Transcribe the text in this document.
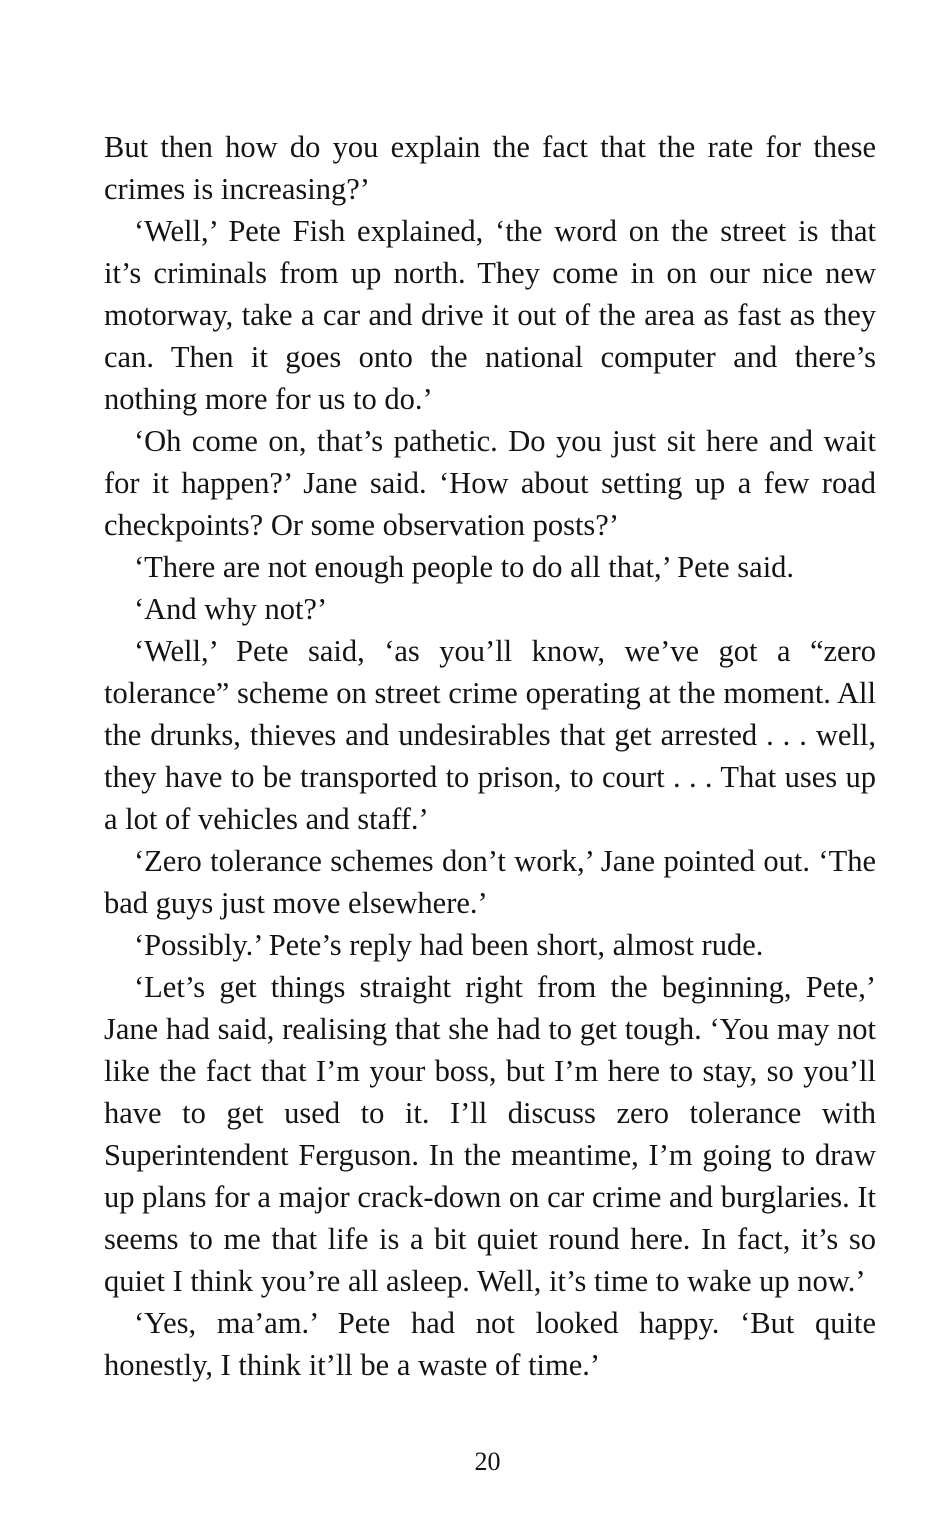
But then how do you explain the fact that the rate for these crimes is increasing?’

‘Well,’ Pete Fish explained, ‘the word on the street is that it’s criminals from up north. They come in on our nice new motorway, take a car and drive it out of the area as fast as they can. Then it goes onto the national computer and there’s nothing more for us to do.’

‘Oh come on, that’s pathetic. Do you just sit here and wait for it happen?’ Jane said. ‘How about setting up a few road checkpoints? Or some observation posts?’

‘There are not enough people to do all that,’ Pete said.

‘And why not?’

‘Well,’ Pete said, ‘as you’ll know, we’ve got a “zero tolerance” scheme on street crime operating at the moment. All the drunks, thieves and undesirables that get arrested . . . well, they have to be transported to prison, to court . . . That uses up a lot of vehicles and staff.’

‘Zero tolerance schemes don’t work,’ Jane pointed out. ‘The bad guys just move elsewhere.’

‘Possibly.’ Pete’s reply had been short, almost rude.

‘Let’s get things straight right from the beginning, Pete,’ Jane had said, realising that she had to get tough. ‘You may not like the fact that I’m your boss, but I’m here to stay, so you’ll have to get used to it. I’ll discuss zero tolerance with Superintendent Ferguson. In the meantime, I’m going to draw up plans for a major crack-down on car crime and burglaries. It seems to me that life is a bit quiet round here. In fact, it’s so quiet I think you’re all asleep. Well, it’s time to wake up now.’

‘Yes, ma’am.’ Pete had not looked happy. ‘But quite honestly, I think it’ll be a waste of time.’

20
